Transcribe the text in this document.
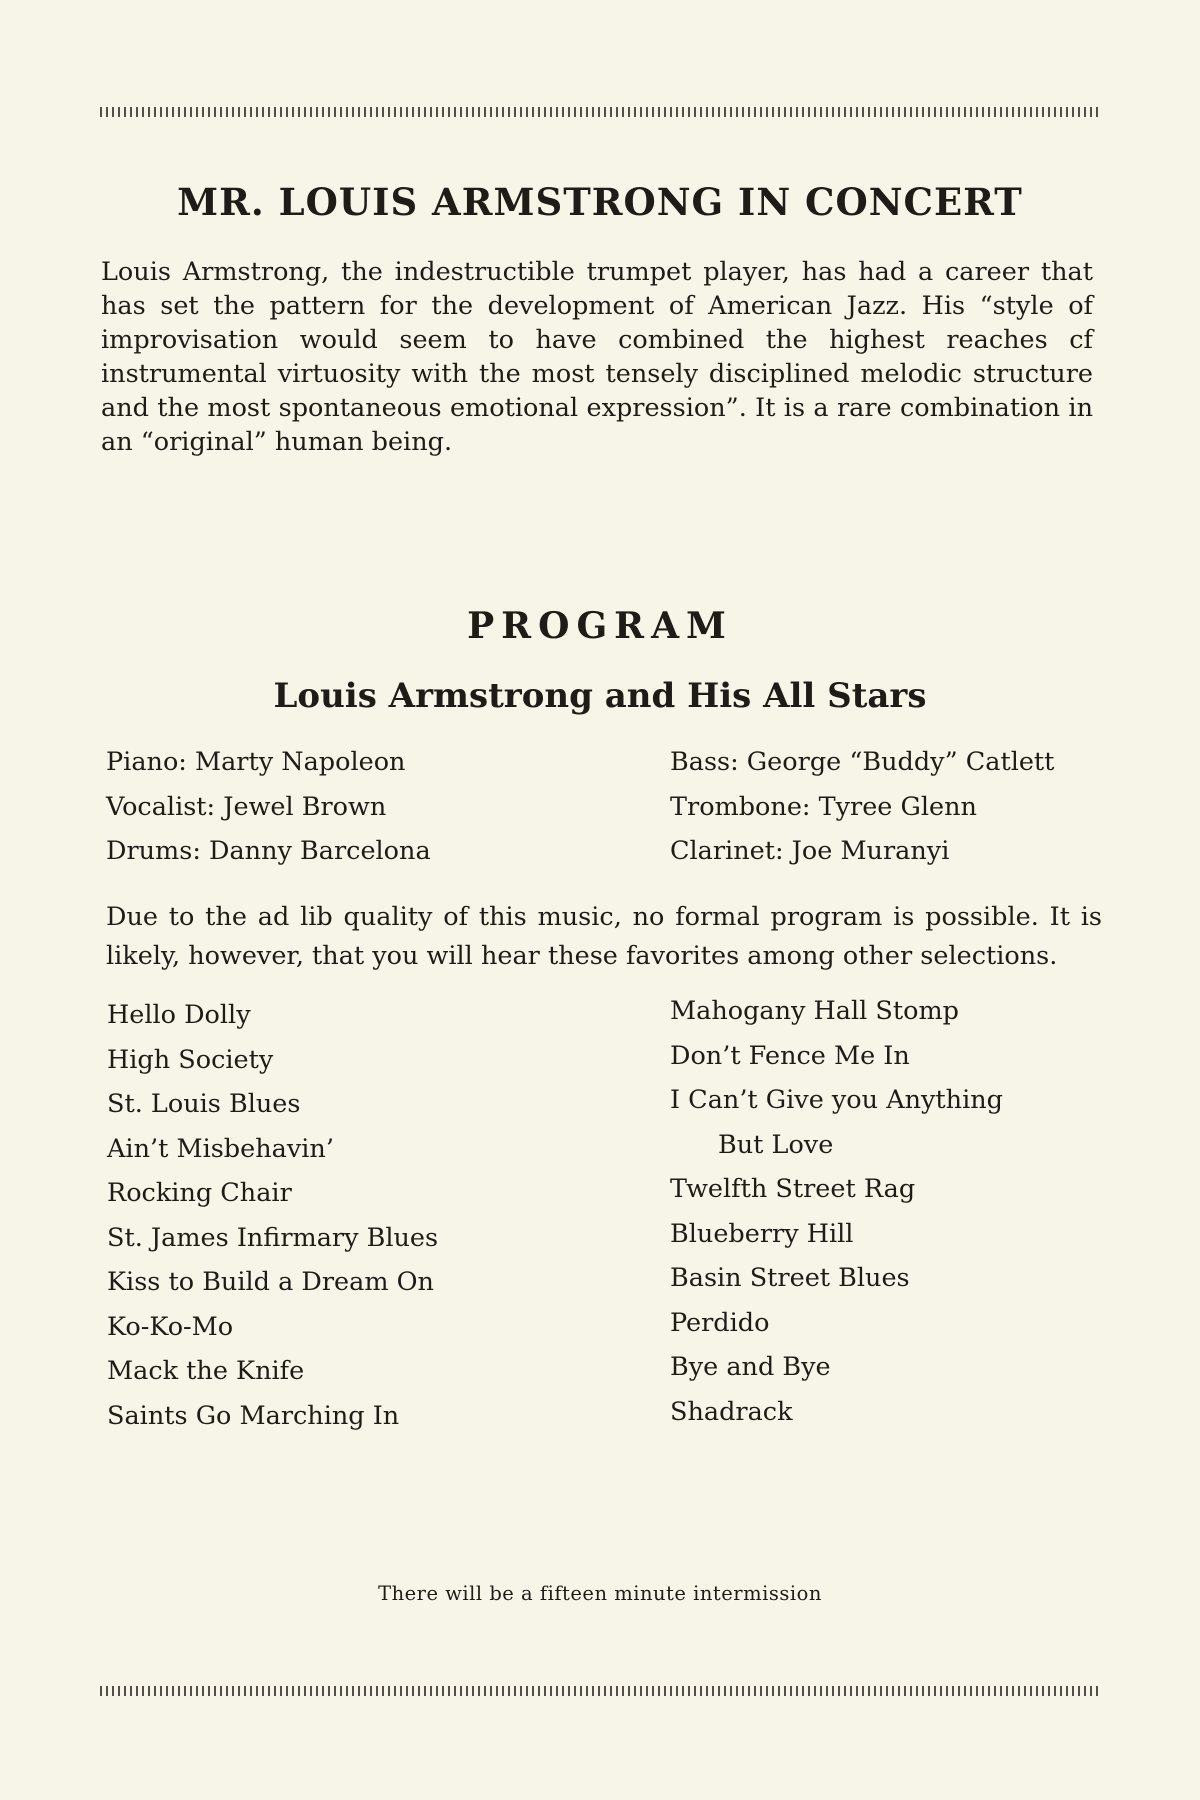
MR. LOUIS ARMSTRONG IN CONCERT
Louis Armstrong, the indestructible trumpet player, has had a career that has set the pattern for the development of American Jazz. His “style of improvisation would seem to have combined the highest reaches cf instrumental virtuosity with the most tensely disciplined melodic structure and the most spontaneous emotional expression”. It is a rare combination in an “original” human being.
PROGRAM
Louis Armstrong and His All Stars
Piano: Marty Napoleon
Vocalist: Jewel Brown
Drums: Danny Barcelona
Bass: George “Buddy” Catlett
Trombone: Tyree Glenn
Clarinet: Joe Muranyi
Due to the ad lib quality of this music, no formal program is possible. It is likely, however, that you will hear these favorites among other selections.
Hello Dolly
High Society
St. Louis Blues
Ain’t Misbehavin’
Rocking Chair
St. James Infirmary Blues
Kiss to Build a Dream On
Ko-Ko-Mo
Mack the Knife
Saints Go Marching In
Mahogany Hall Stomp
Don’t Fence Me In
I Can’t Give you Anything
But Love
Twelfth Street Rag
Blueberry Hill
Basin Street Blues
Perdido
Bye and Bye
Shadrack
There will be a fifteen minute intermission
